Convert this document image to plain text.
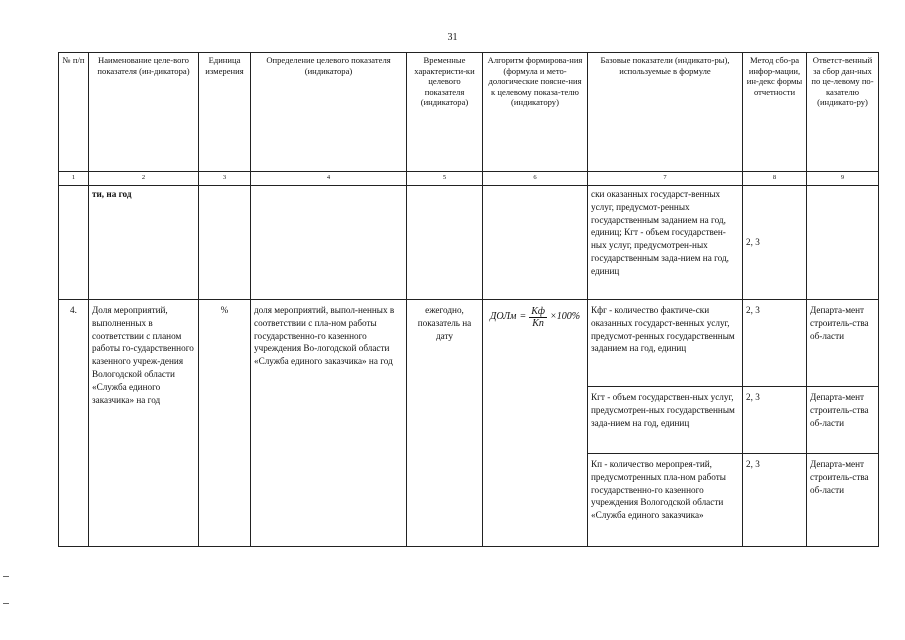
31
№ п/п	Наименование целе-вого показателя (ин-дикатора)	Единица измерения	Определение целевого показателя (индикатора)	Временные характеристи-ки целевого показателя (индикатора)	Алгоритм формирова-ния (формула и мето-дологические поясне-ния к целевому показа-телю (индикатору)	Базовые показатели (индикато-ры), используемые в формуле	Метод сбо-ра инфор-мации, ин-декс формы отчетности	Ответст-венный за сбор дан-ных по це-левому по-казателю (индикато-ру)
1	2	3	4	5	6	7	8	9
	ти, на год					ски оказанных государст-венных услуг, предусмот-ренных государственным заданием на год, единиц; Кгт - объем государствен-ных услуг, предусмотрен-ных государственным зада-нием на год, единиц	2, 3	
4.	Доля мероприятий, выполненных в соответствии с планом работы го-сударственного казенного учреж-дения Вологодской области «Служба единого заказчика» на год	%	доля мероприятий, выпол-ненных в соответствии с пла-ном работы государственно-го казенного учреждения Во-логодской области «Служба единого заказчика» на год	ежегодно, показатель на дату	ДОЛм = $\frac{Кф}{Кп} \times 100\%$	Кфг - количество фактиче-ски оказанных государст-венных услуг, предусмот-ренных государственным заданием на год, единиц	2, 3	Департа-мент строитель-ства об-ласти
						Кгт - объем государствен-ных услуг, предусмотрен-ных государственным зада-нием на год, единиц	2, 3	Департа-мент строитель-ства об-ласти
						Кп - количество меропрея-тий, предусмотренных пла-ном работы государственно-го казенного учреждения Вологодской области «Служба единого заказчика»	2, 3	Департа-мент строитель-ства об-ласти
